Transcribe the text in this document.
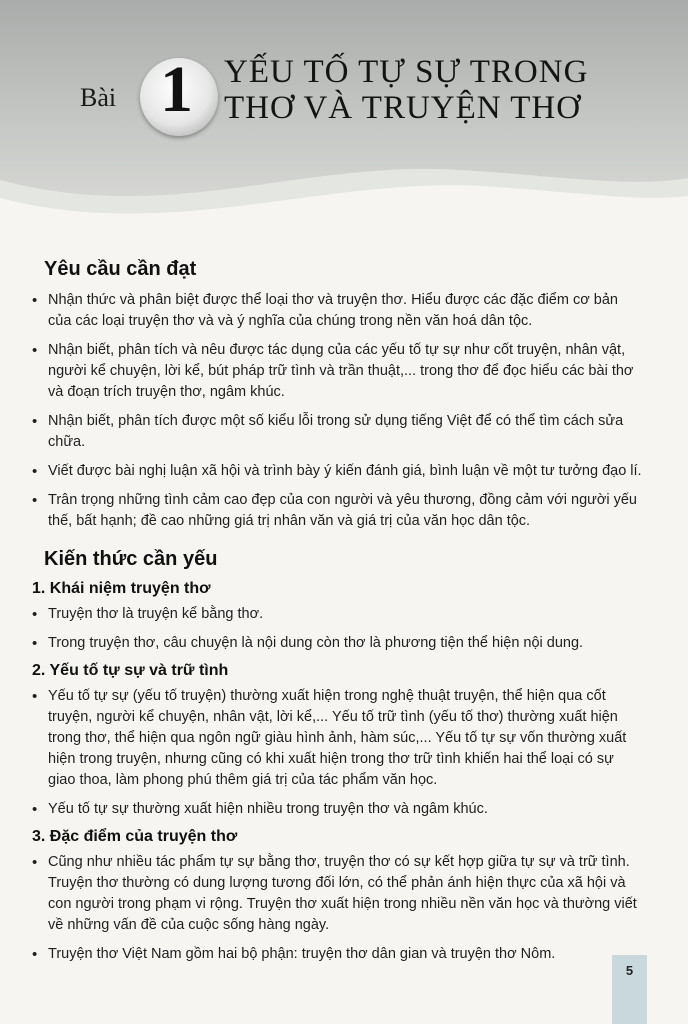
Bài 1 YẾU TỐ TỰ SỰ TRONG
THƠ VÀ TRUYỆN THƠ
Yêu cầu cần đạt
• Nhận thức và phân biệt được thể loại thơ và truyện thơ. Hiểu được các đặc điểm cơ bản của các loại truyện thơ và và ý nghĩa của chúng trong nền văn hoá dân tộc.
• Nhận biết, phân tích và nêu được tác dụng của các yếu tố tự sự như cốt truyện, nhân vật, người kể chuyện, lời kể, bút pháp trữ tình và trần thuật,... trong thơ để đọc hiểu các bài thơ và đoạn trích truyện thơ, ngâm khúc.
• Nhận biết, phân tích được một số kiểu lỗi trong sử dụng tiếng Việt để có thể tìm cách sửa chữa.
• Viết được bài nghị luận xã hội và trình bày ý kiến đánh giá, bình luận về một tư tưởng đạo lí.
• Trân trọng những tình cảm cao đẹp của con người và yêu thương, đồng cảm với người yếu thế, bất hạnh; đề cao những giá trị nhân văn và giá trị của văn học dân tộc.
Kiến thức cần yếu
1. Khái niệm truyện thơ
• Truyện thơ là truyện kể bằng thơ.
• Trong truyện thơ, câu chuyện là nội dung còn thơ là phương tiện thể hiện nội dung.
2. Yếu tố tự sự và trữ tình
• Yếu tố tự sự (yếu tố truyện) thường xuất hiện trong nghệ thuật truyện, thể hiện qua cốt truyện, người kể chuyện, nhân vật, lời kể,... Yếu tố trữ tình (yếu tố thơ) thường xuất hiện trong thơ, thể hiện qua ngôn ngữ giàu hình ảnh, hàm súc,... Yếu tố tự sự vốn thường xuất hiện trong truyện, nhưng cũng có khi xuất hiện trong thơ trữ tình khiến hai thể loại có sự giao thoa, làm phong phú thêm giá trị của tác phẩm văn học.
• Yếu tố tự sự thường xuất hiện nhiều trong truyện thơ và ngâm khúc.
3. Đặc điểm của truyện thơ
• Cũng như nhiều tác phẩm tự sự bằng thơ, truyện thơ có sự kết hợp giữa tự sự và trữ tình. Truyện thơ thường có dung lượng tương đối lớn, có thể phản ánh hiện thực của xã hội và con người trong phạm vi rộng. Truyện thơ xuất hiện trong nhiều nền văn học và thường viết về những vấn đề của cuộc sống hàng ngày.
• Truyện thơ Việt Nam gồm hai bộ phận: truyện thơ dân gian và truyện thơ Nôm.
5
